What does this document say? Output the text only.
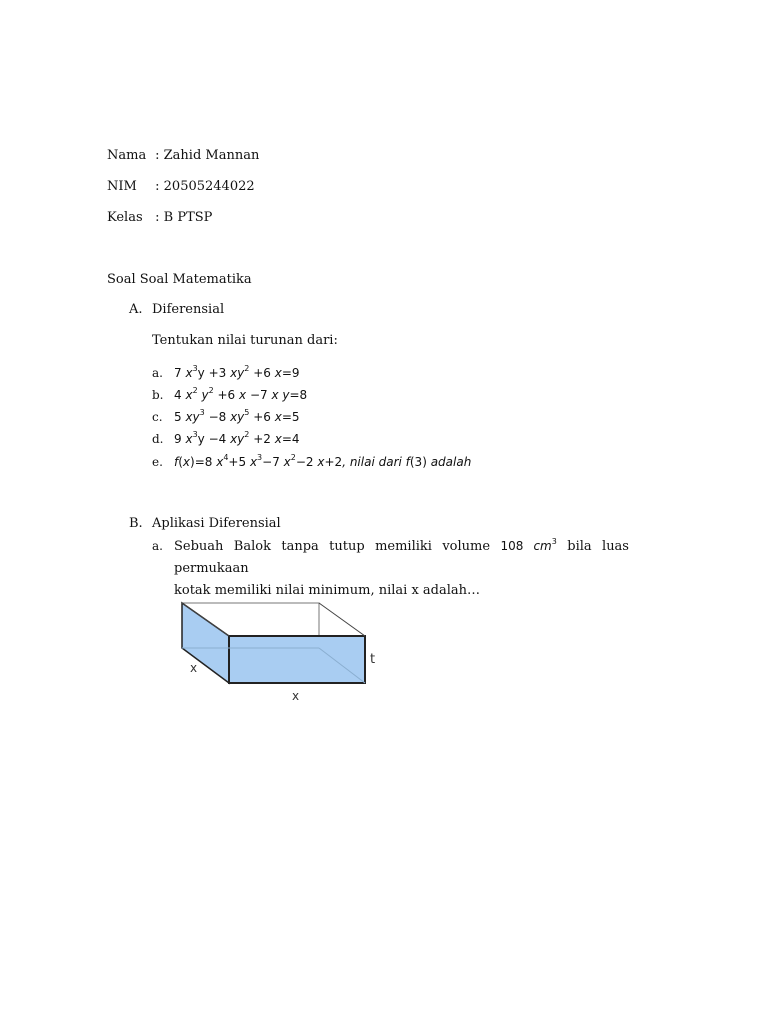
Nama : Zahid Mannan
NIM : 20505244022
Kelas : B PTSP
Soal Soal Matematika
A. Diferensial
Tentukan nilai turunan dari:
a. 7 $x^3y +3$ $xy^2 +6$ x=9
b. 4 $x^2$ $y^2 +6$ x −7 x y=8
c. 5 $xy^3 -8$ $xy^5 +6$ x=5
d. 9 $x^3y -4$ $xy^2 +2$ x=4
e. f(x)=8 $x^4+5$ $x^3-7$ $x^2-2$ x+2, nilai dari f(3) adalah
B. Aplikasi Diferensial
a. Sebuah Balok tanpa tutup memiliki volume 108 $cm^3$ bila luas permukaan
kotak memiliki nilai minimum, nilai x adalah…
x
x
t
